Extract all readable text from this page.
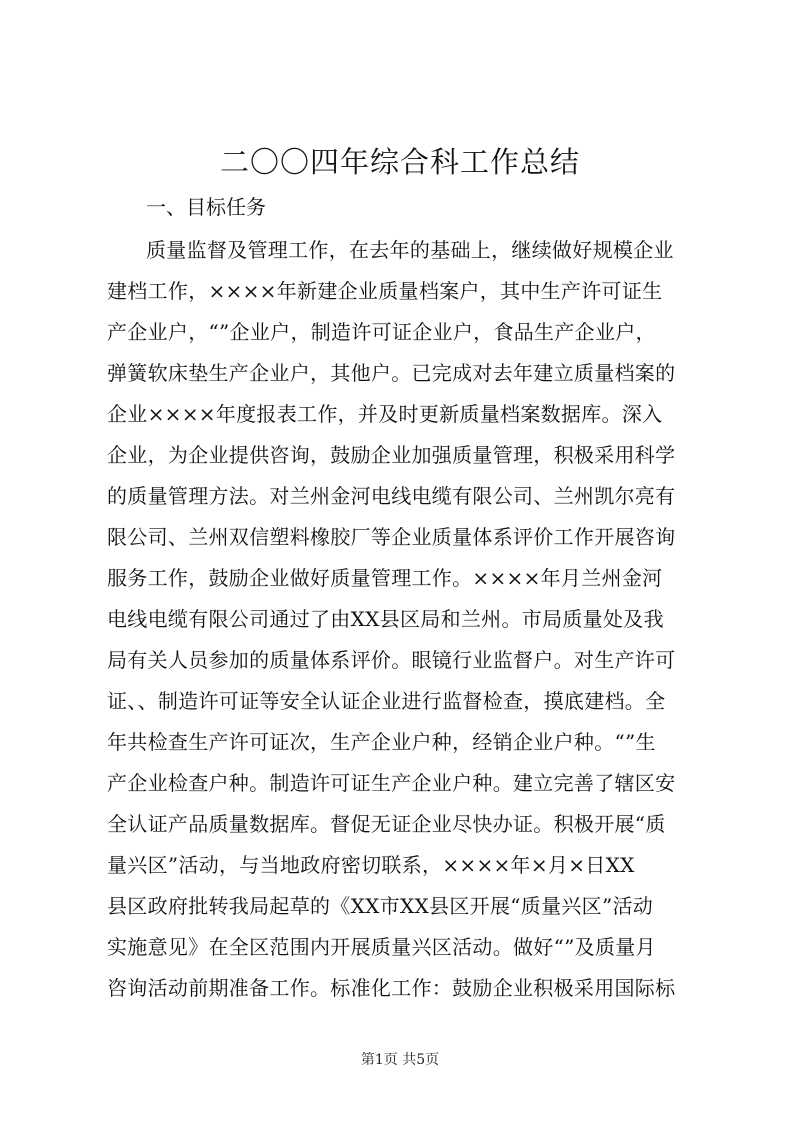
二〇〇四年综合科工作总结

一、目标任务

质量监督及管理工作，在去年的基础上，继续做好规模企业
建档工作，××××年新建企业质量档案户，其中生产许可证生
产企业户，“”企业户，制造许可证企业户，食品生产企业户，
弹簧软床垫生产企业户，其他户。已完成对去年建立质量档案的
企业××××年度报表工作，并及时更新质量档案数据库。深入
企业，为企业提供咨询，鼓励企业加强质量管理，积极采用科学
的质量管理方法。对兰州金河电线电缆有限公司、兰州凯尔亮有
限公司、兰州双信塑料橡胶厂等企业质量体系评价工作开展咨询
服务工作，鼓励企业做好质量管理工作。××××年月兰州金河
电线电缆有限公司通过了由XX县区局和兰州。市局质量处及我
局有关人员参加的质量体系评价。眼镜行业监督户。对生产许可
证、、制造许可证等安全认证企业进行监督检查，摸底建档。全
年共检查生产许可证次，生产企业户种，经销企业户种。“”生
产企业检查户种。制造许可证生产企业户种。建立完善了辖区安
全认证产品质量数据库。督促无证企业尽快办证。积极开展“质
量兴区”活动，与当地政府密切联系，××××年×月×日XX
县区政府批转我局起草的《XX市XX县区开展“质量兴区”活动
实施意见》在全区范围内开展质量兴区活动。做好“”及质量月
咨询活动前期准备工作。标准化工作：鼓励企业积极采用国际标
第1页 共5页
